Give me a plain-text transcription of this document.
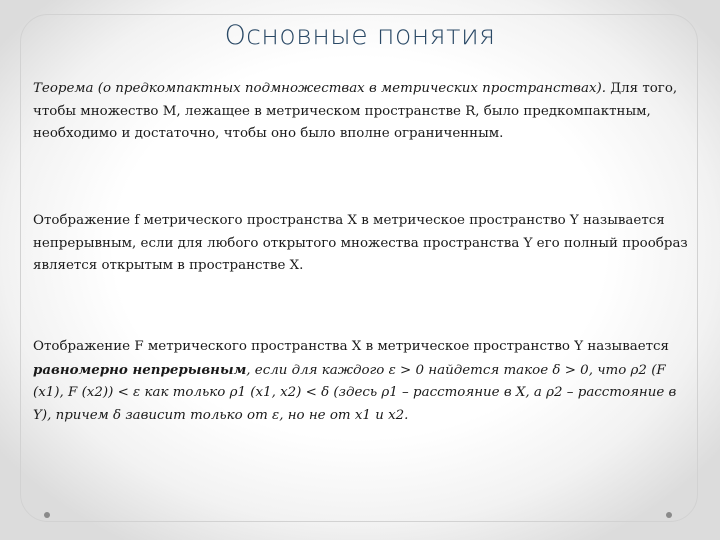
Основные понятия

Теорема (о предкомпактных подмножествах в метрических пространствах). Для того, чтобы множество M, лежащее в метрическом пространстве R, было предкомпактным, необходимо и достаточно, чтобы оно было вполне ограниченным.

Отображение f метрического пространства X в метрическое пространство Y называется непрерывным, если для любого открытого множества пространства Y его полный прообраз является открытым в пространстве X.

Отображение F метрического пространства X в метрическое пространство Y называется равномерно непрерывным, если для каждого ε > 0 найдется такое δ > 0, что ρ2 (F (x1), F (x2)) < ε как только ρ1 (x1, x2) < δ (здесь ρ1 – расстояние в X, а ρ2 – расстояние в Y), причем δ зависит только от ε, но не от x1 и x2.
